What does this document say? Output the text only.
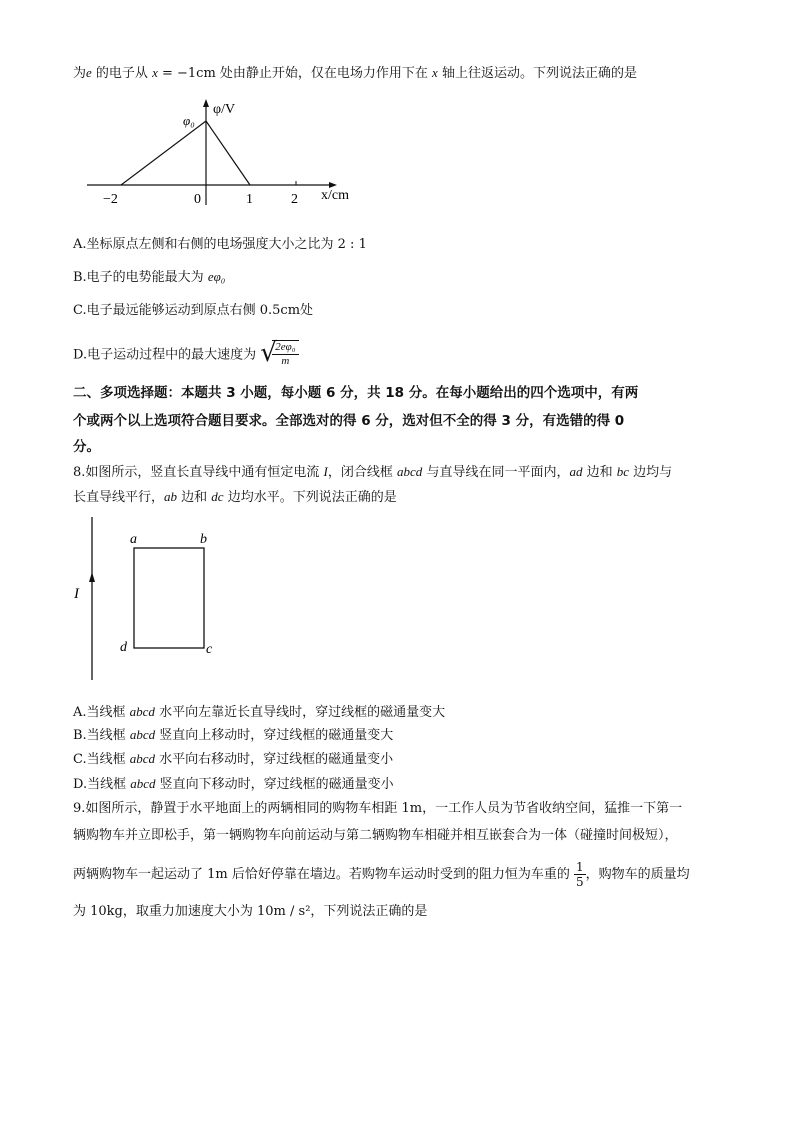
为e 的电子从 x = −1cm 处由静止开始，仅在电场力作用下在 x 轴上往返运动。下列说法正确的是
φ/V
φ₀
x/cm
−2	0	1	2
A.坐标原点左侧和右侧的电场强度大小之比为 2 : 1
B.电子的电势能最大为 eφ₀
C.电子最远能够运动到原点右侧 0.5cm处
D.电子运动过程中的最大速度为 √
$\frac{\text{2eφ₀}}{m}$
二、多项选择题：本题共 3 小题，每小题 6 分，共 18 分。在每小题给出的四个选项中，有两
个或两个以上选项符合题目要求。全部选对的得 6 分，选对但不全的得 3 分，有选错的得 0
分。
8.如图所示，竖直长直导线中通有恒定电流 I，闭合线框 abcd 与直导线在同一平面内，ad 边和 bc 边均与
长直导线平行，ab 边和 dc 边均水平。下列说法正确的是
I
a	b
d	c
A.当线框 abcd 水平向左靠近长直导线时，穿过线框的磁通量变大
B.当线框 abcd 竖直向上移动时，穿过线框的磁通量变大
C.当线框 abcd 水平向右移动时，穿过线框的磁通量变小
D.当线框 abcd 竖直向下移动时，穿过线框的磁通量变小
9.如图所示，静置于水平地面上的两辆相同的购物车相距 1m，一工作人员为节省收纳空间，猛推一下第一
辆购物车并立即松手，第一辆购物车向前运动与第二辆购物车相碰并相互嵌套合为一体（碰撞时间极短），
两辆购物车一起运动了 1m 后恰好停靠在墙边。若购物车运动时受到的阻力恒为车重的 $\frac{1}{5}$ ，购物车的质量均
为 10kg，取重力加速度大小为 10m / s²，下列说法正确的是
